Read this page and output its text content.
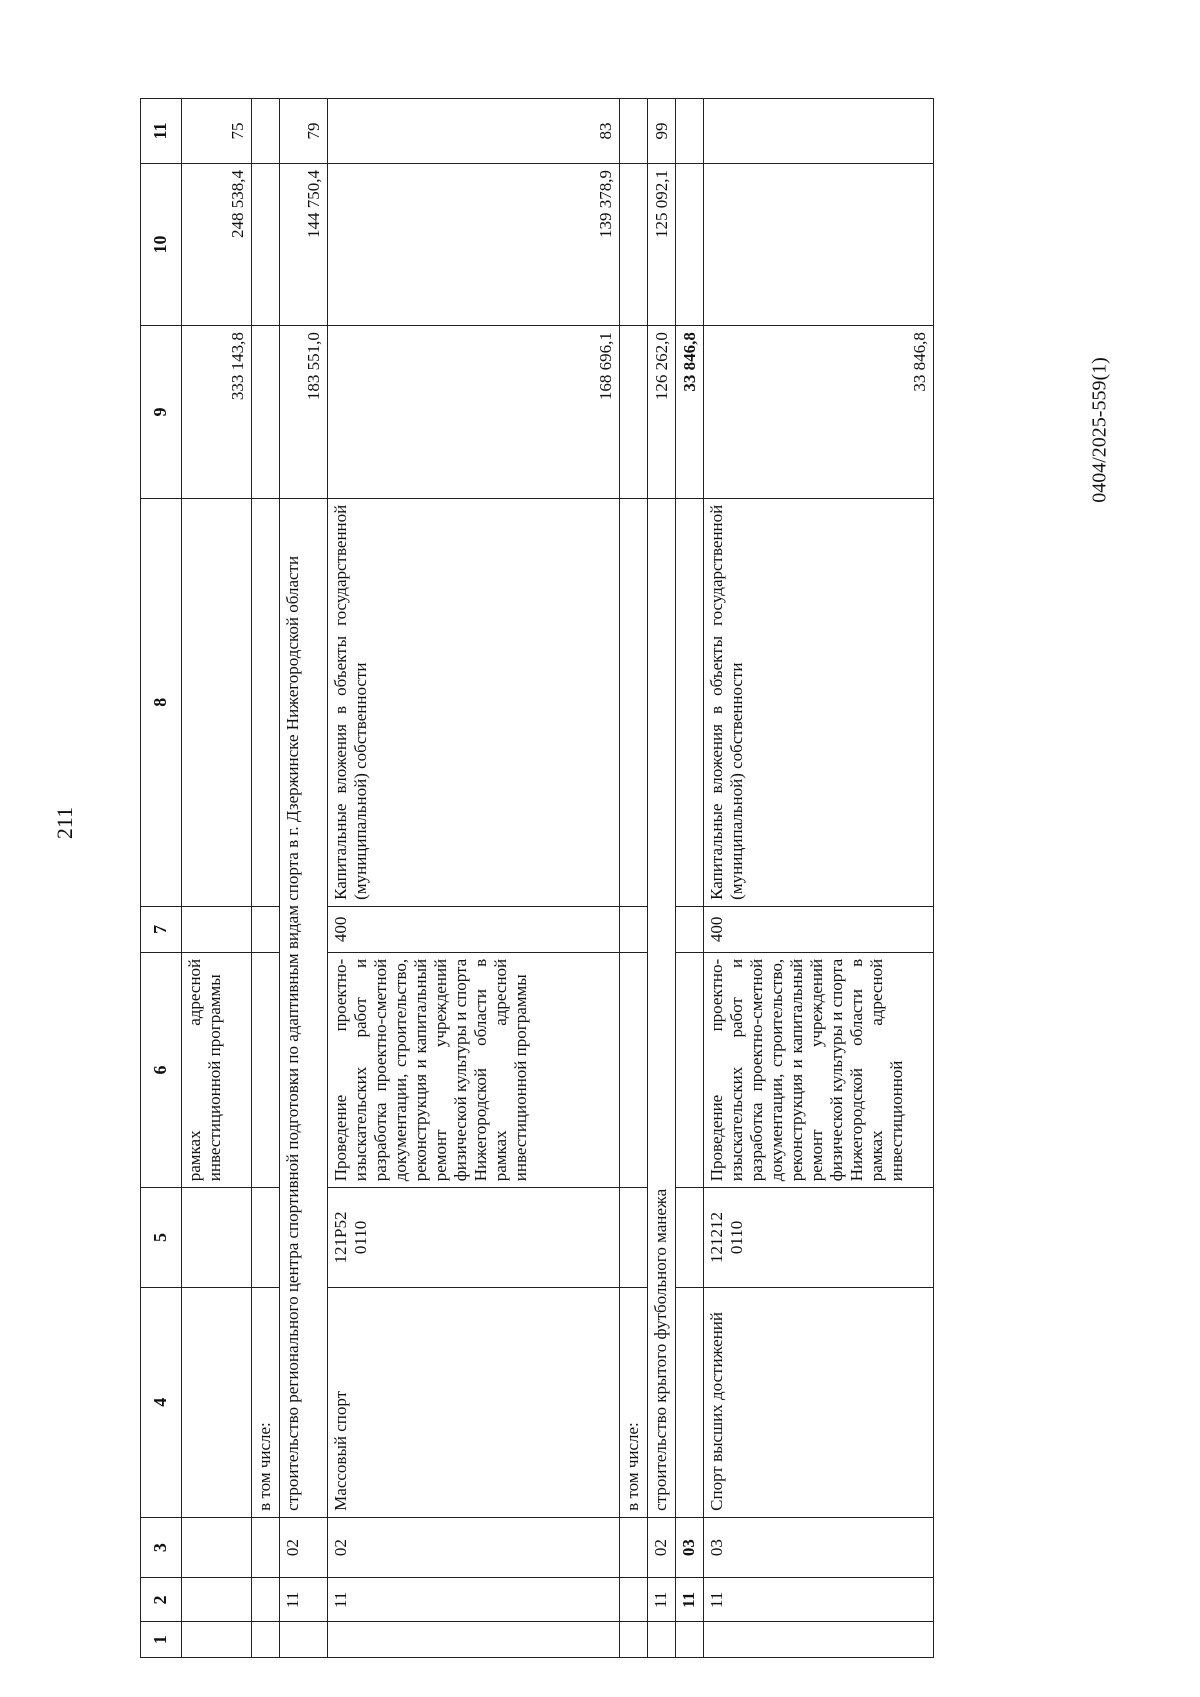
211
0404/2025-559(1)
1	2	3	4	5	6	7	8	9	10	11
					рамках адресной инвестиционной программы			333 143,8	248 538,4	75
			в том числе:							
	11	02	строительство регионального центра спортивной подготовки по адаптивным видам спорта в г. Дзержинске Нижегородской области					183 551,0	144 750,4	79
	11	02	Массовый спорт	121Р52 0110	Проведение проектно-изыскательских работ и разработка проектно-сметной документации, строительство, реконструкция и капитальный ремонт учреждений физической культуры и спорта Нижегородской области в рамках адресной инвестиционной программы	400	Капитальные вложения в объекты государственной (муниципальной) собственности	168 696,1	139 378,9	83
			в том числе:							
	11	02	строительство крытого футбольного манежа					126 262,0	125 092,1	99
	11	03						33 846,8		
	11	03	Спорт высших достижений	121212 0110	Проведение проектно-изыскательских работ и разработка проектно-сметной документации, строительство, реконструкция и капитальный ремонт учреждений физической культуры и спорта Нижегородской области в рамках адресной инвестиционной	400	Капитальные вложения в объекты государственной (муниципальной) собственности	33 846,8		
